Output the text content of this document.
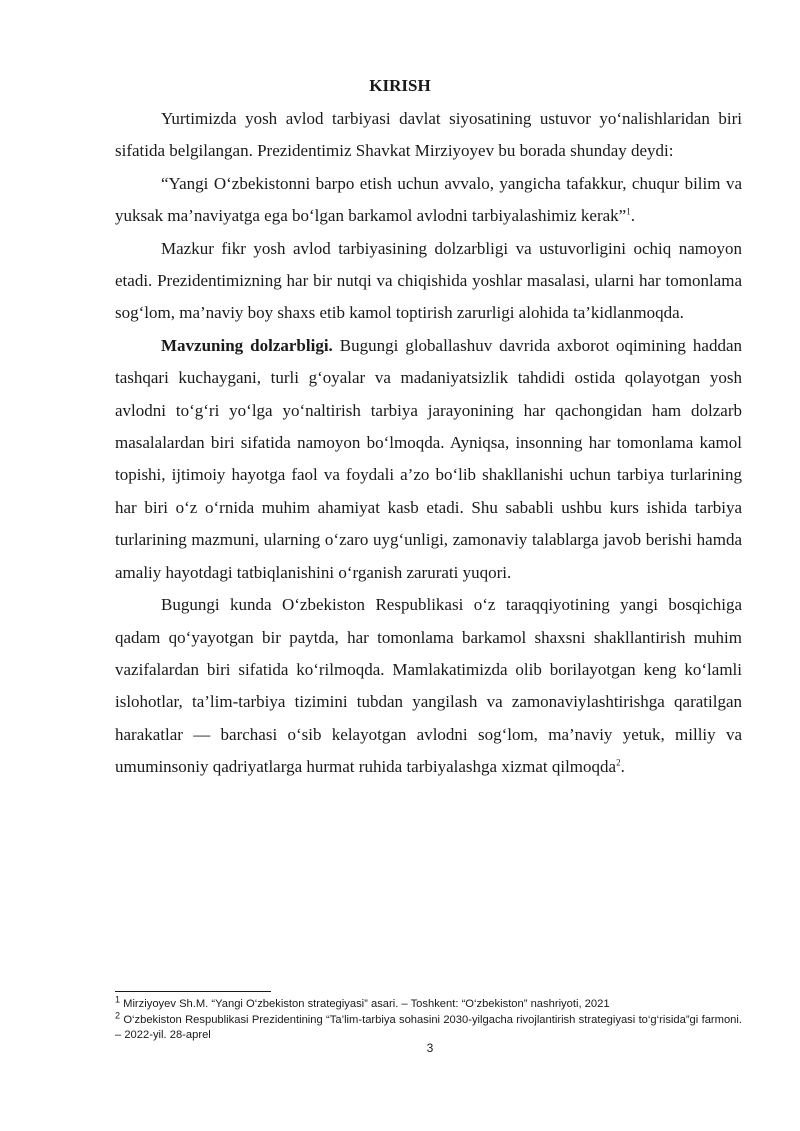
KIRISH

Yurtimizda yosh avlod tarbiyasi davlat siyosatining ustuvor yo‘nalishlaridan biri sifatida belgilangan. Prezidentimiz Shavkat Mirziyoyev bu borada shunday deydi:

“Yangi O‘zbekistonni barpo etish uchun avvalo, yangicha tafakkur, chuqur bilim va yuksak ma’naviyatga ega bo‘lgan barkamol avlodni tarbiyalashimiz kerak”$^1$.

Mazkur fikr yosh avlod tarbiyasining dolzarbligi va ustuvorligini ochiq namoyon etadi. Prezidentimizning har bir nutqi va chiqishida yoshlar masalasi, ularni har tomonlama sog‘lom, ma’naviy boy shaxs etib kamol toptirish zarurligi alohida ta’kidlanmoqda.

Mavzuning dolzarbligi. Bugungi globallashuv davrida axborot oqimining haddan tashqari kuchaygani, turli g‘oyalar va madaniyatsizlik tahdidi ostida qolayotgan yosh avlodni to‘g‘ri yo‘lga yo‘naltirish tarbiya jarayonining har qachongidan ham dolzarb masalalardan biri sifatida namoyon bo‘lmoqda. Ayniqsa, insonning har tomonlama kamol topishi, ijtimoiy hayotga faol va foydali a’zo bo‘lib shakllanishi uchun tarbiya turlarining har biri o‘z o‘rnida muhim ahamiyat kasb etadi. Shu sababli ushbu kurs ishida tarbiya turlarining mazmuni, ularning o‘zaro uyg‘unligi, zamonaviy talablarga javob berishi hamda amaliy hayotdagi tatbiqlanishini o‘rganish zarurati yuqori.

Bugungi kunda O‘zbekiston Respublikasi o‘z taraqqiyotining yangi bosqichiga qadam qo‘yayotgan bir paytda, har tomonlama barkamol shaxsni shakllantirish muhim vazifalardan biri sifatida ko‘rilmoqda. Mamlakatimizda olib borilayotgan keng ko‘lamli islohotlar, ta’lim-tarbiya tizimini tubdan yangilash va zamonaviylashtirishga qaratilgan harakatlar — barchasi o‘sib kelayotgan avlodni sog‘lom, ma’naviy yetuk, milliy va umuminsoniy qadriyatlarga hurmat ruhida tarbiyalashga xizmat qilmoqda$^2$.

$^1$ Mirziyoyev Sh.M. “Yangi O‘zbekiston strategiyasi” asari. – Toshkent: “O‘zbekiston” nashriyoti, 2021

$^2$ O‘zbekiston Respublikasi Prezidentining “Ta’lim-tarbiya sohasini 2030-yilgacha rivojlantirish strategiyasi to‘g‘risida”gi farmoni. – 2022-yil. 28-aprel

3
